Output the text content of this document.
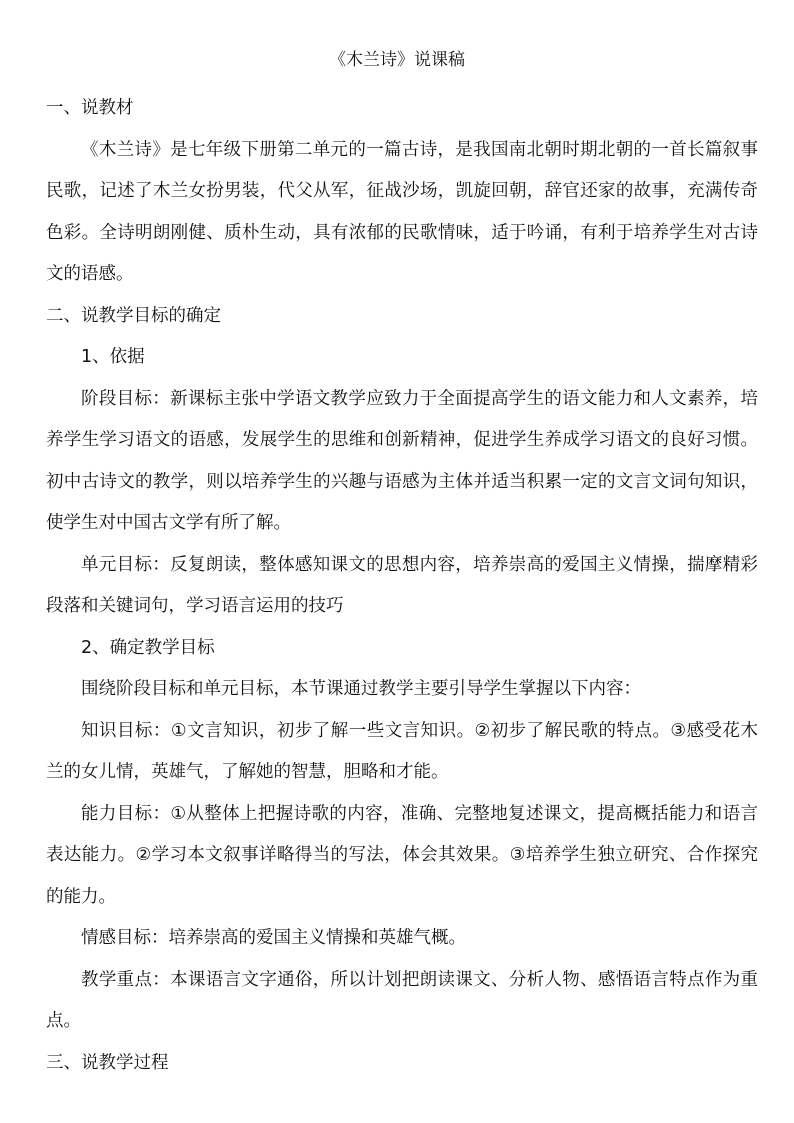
《木兰诗》说课稿

一、说教材

《木兰诗》是七年级下册第二单元的一篇古诗，是我国南北朝时期北朝的一首长篇叙事民歌，记述了木兰女扮男装，代父从军，征战沙场，凯旋回朝，辞官还家的故事，充满传奇色彩。全诗明朗刚健、质朴生动，具有浓郁的民歌情味，适于吟诵，有利于培养学生对古诗文的语感。

二、说教学目标的确定

1、依据

阶段目标：新课标主张中学语文教学应致力于全面提高学生的语文能力和人文素养，培养学生学习语文的语感，发展学生的思维和创新精神，促进学生养成学习语文的良好习惯。初中古诗文的教学，则以培养学生的兴趣与语感为主体并适当积累一定的文言文词句知识，使学生对中国古文学有所了解。

单元目标：反复朗读，整体感知课文的思想内容，培养崇高的爱国主义情操，揣摩精彩段落和关键词句，学习语言运用的技巧

2、确定教学目标

围绕阶段目标和单元目标，本节课通过教学主要引导学生掌握以下内容：

知识目标：①文言知识，初步了解一些文言知识。②初步了解民歌的特点。③感受花木兰的女儿情，英雄气，了解她的智慧，胆略和才能。

能力目标：①从整体上把握诗歌的内容，准确、完整地复述课文，提高概括能力和语言表达能力。②学习本文叙事详略得当的写法，体会其效果。③培养学生独立研究、合作探究的能力。

情感目标：培养崇高的爱国主义情操和英雄气概。

教学重点：本课语言文字通俗，所以计划把朗读课文、分析人物、感悟语言特点作为重点。

三、说教学过程
